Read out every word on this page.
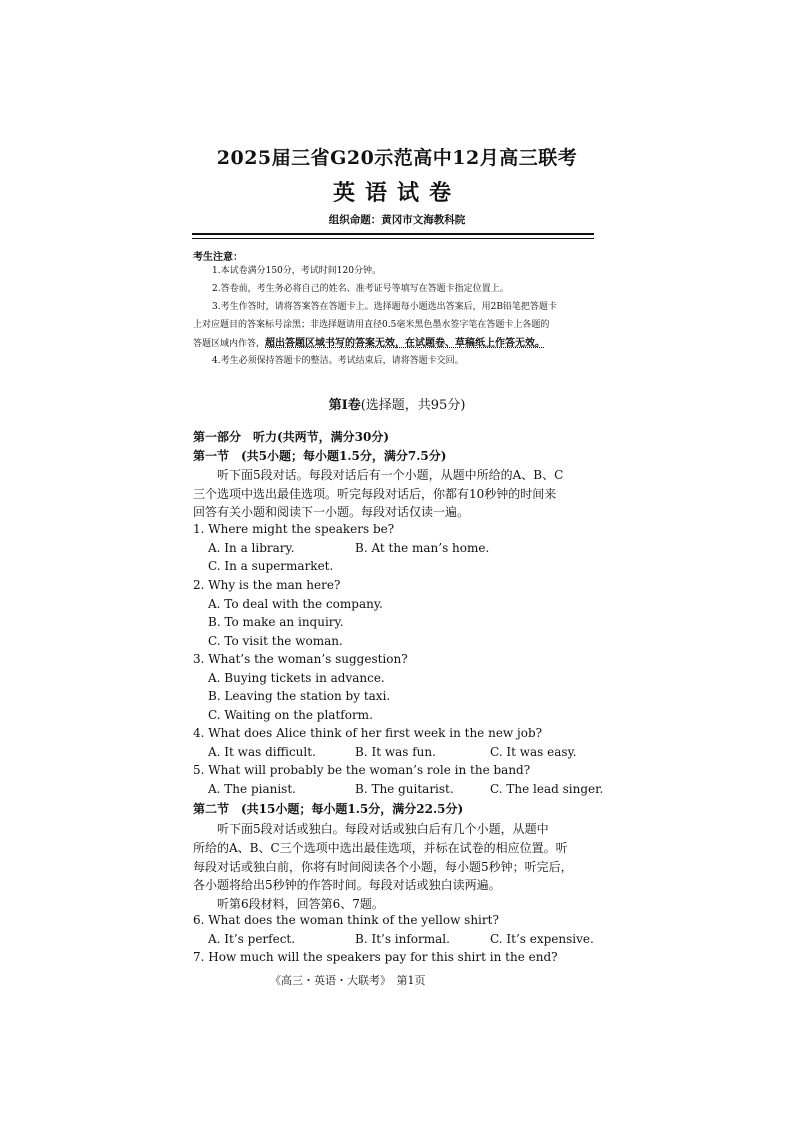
2025届三省G20示范高中12月高三联考
英语试卷
组织命题：黄冈市文海教科院
考生注意：
1.本试卷满分150分，考试时间120分钟。
2.答卷前，考生务必将自己的姓名、准考证号等填写在答题卡指定位置上。
3.考生作答时，请将答案答在答题卡上。选择题每小题选出答案后，用2B铅笔把答题卡
上对应题目的答案标号涂黑；非选择题请用直径0.5毫米黑色墨水签字笔在答题卡上各题的
答题区域内作答，超出答题区域书写的答案无效，在试题卷、草稿纸上作答无效。
4.考生必须保持答题卡的整洁。考试结束后，请将答题卡交回。
第Ⅰ卷(选择题，共95分)
第一部分　听力(共两节，满分30分)
第一节　(共5小题；每小题1.5分，满分7.5分)
听下面5段对话。每段对话后有一个小题，从题中所给的A、B、C
三个选项中选出最佳选项。听完每段对话后，你都有10秒钟的时间来
回答有关小题和阅读下一小题。每段对话仅读一遍。
1. Where might the speakers be?
A. In a library.	B. At the man’s home.
C. In a supermarket.
2. Why is the man here?
A. To deal with the company.
B. To make an inquiry.
C. To visit the woman.
3. What’s the woman’s suggestion?
A. Buying tickets in advance.
B. Leaving the station by taxi.
C. Waiting on the platform.
4. What does Alice think of her first week in the new job?
A. It was difficult.	B. It was fun.	C. It was easy.
5. What will probably be the woman’s role in the band?
A. The pianist.	B. The guitarist.	C. The lead singer.
第二节　(共15小题；每小题1.5分，满分22.5分)
听下面5段对话或独白。每段对话或独白后有几个小题，从题中
所给的A、B、C三个选项中选出最佳选项，并标在试卷的相应位置。听
每段对话或独白前，你将有时间阅读各个小题，每小题5秒钟；听完后，
各小题将给出5秒钟的作答时间。每段对话或独白读两遍。
听第6段材料，回答第6、7题。
6. What does the woman think of the yellow shirt?
A. It’s perfect.	B. It’s informal.	C. It’s expensive.
7. How much will the speakers pay for this shirt in the end?
《高三・英语・大联考》　第1页
